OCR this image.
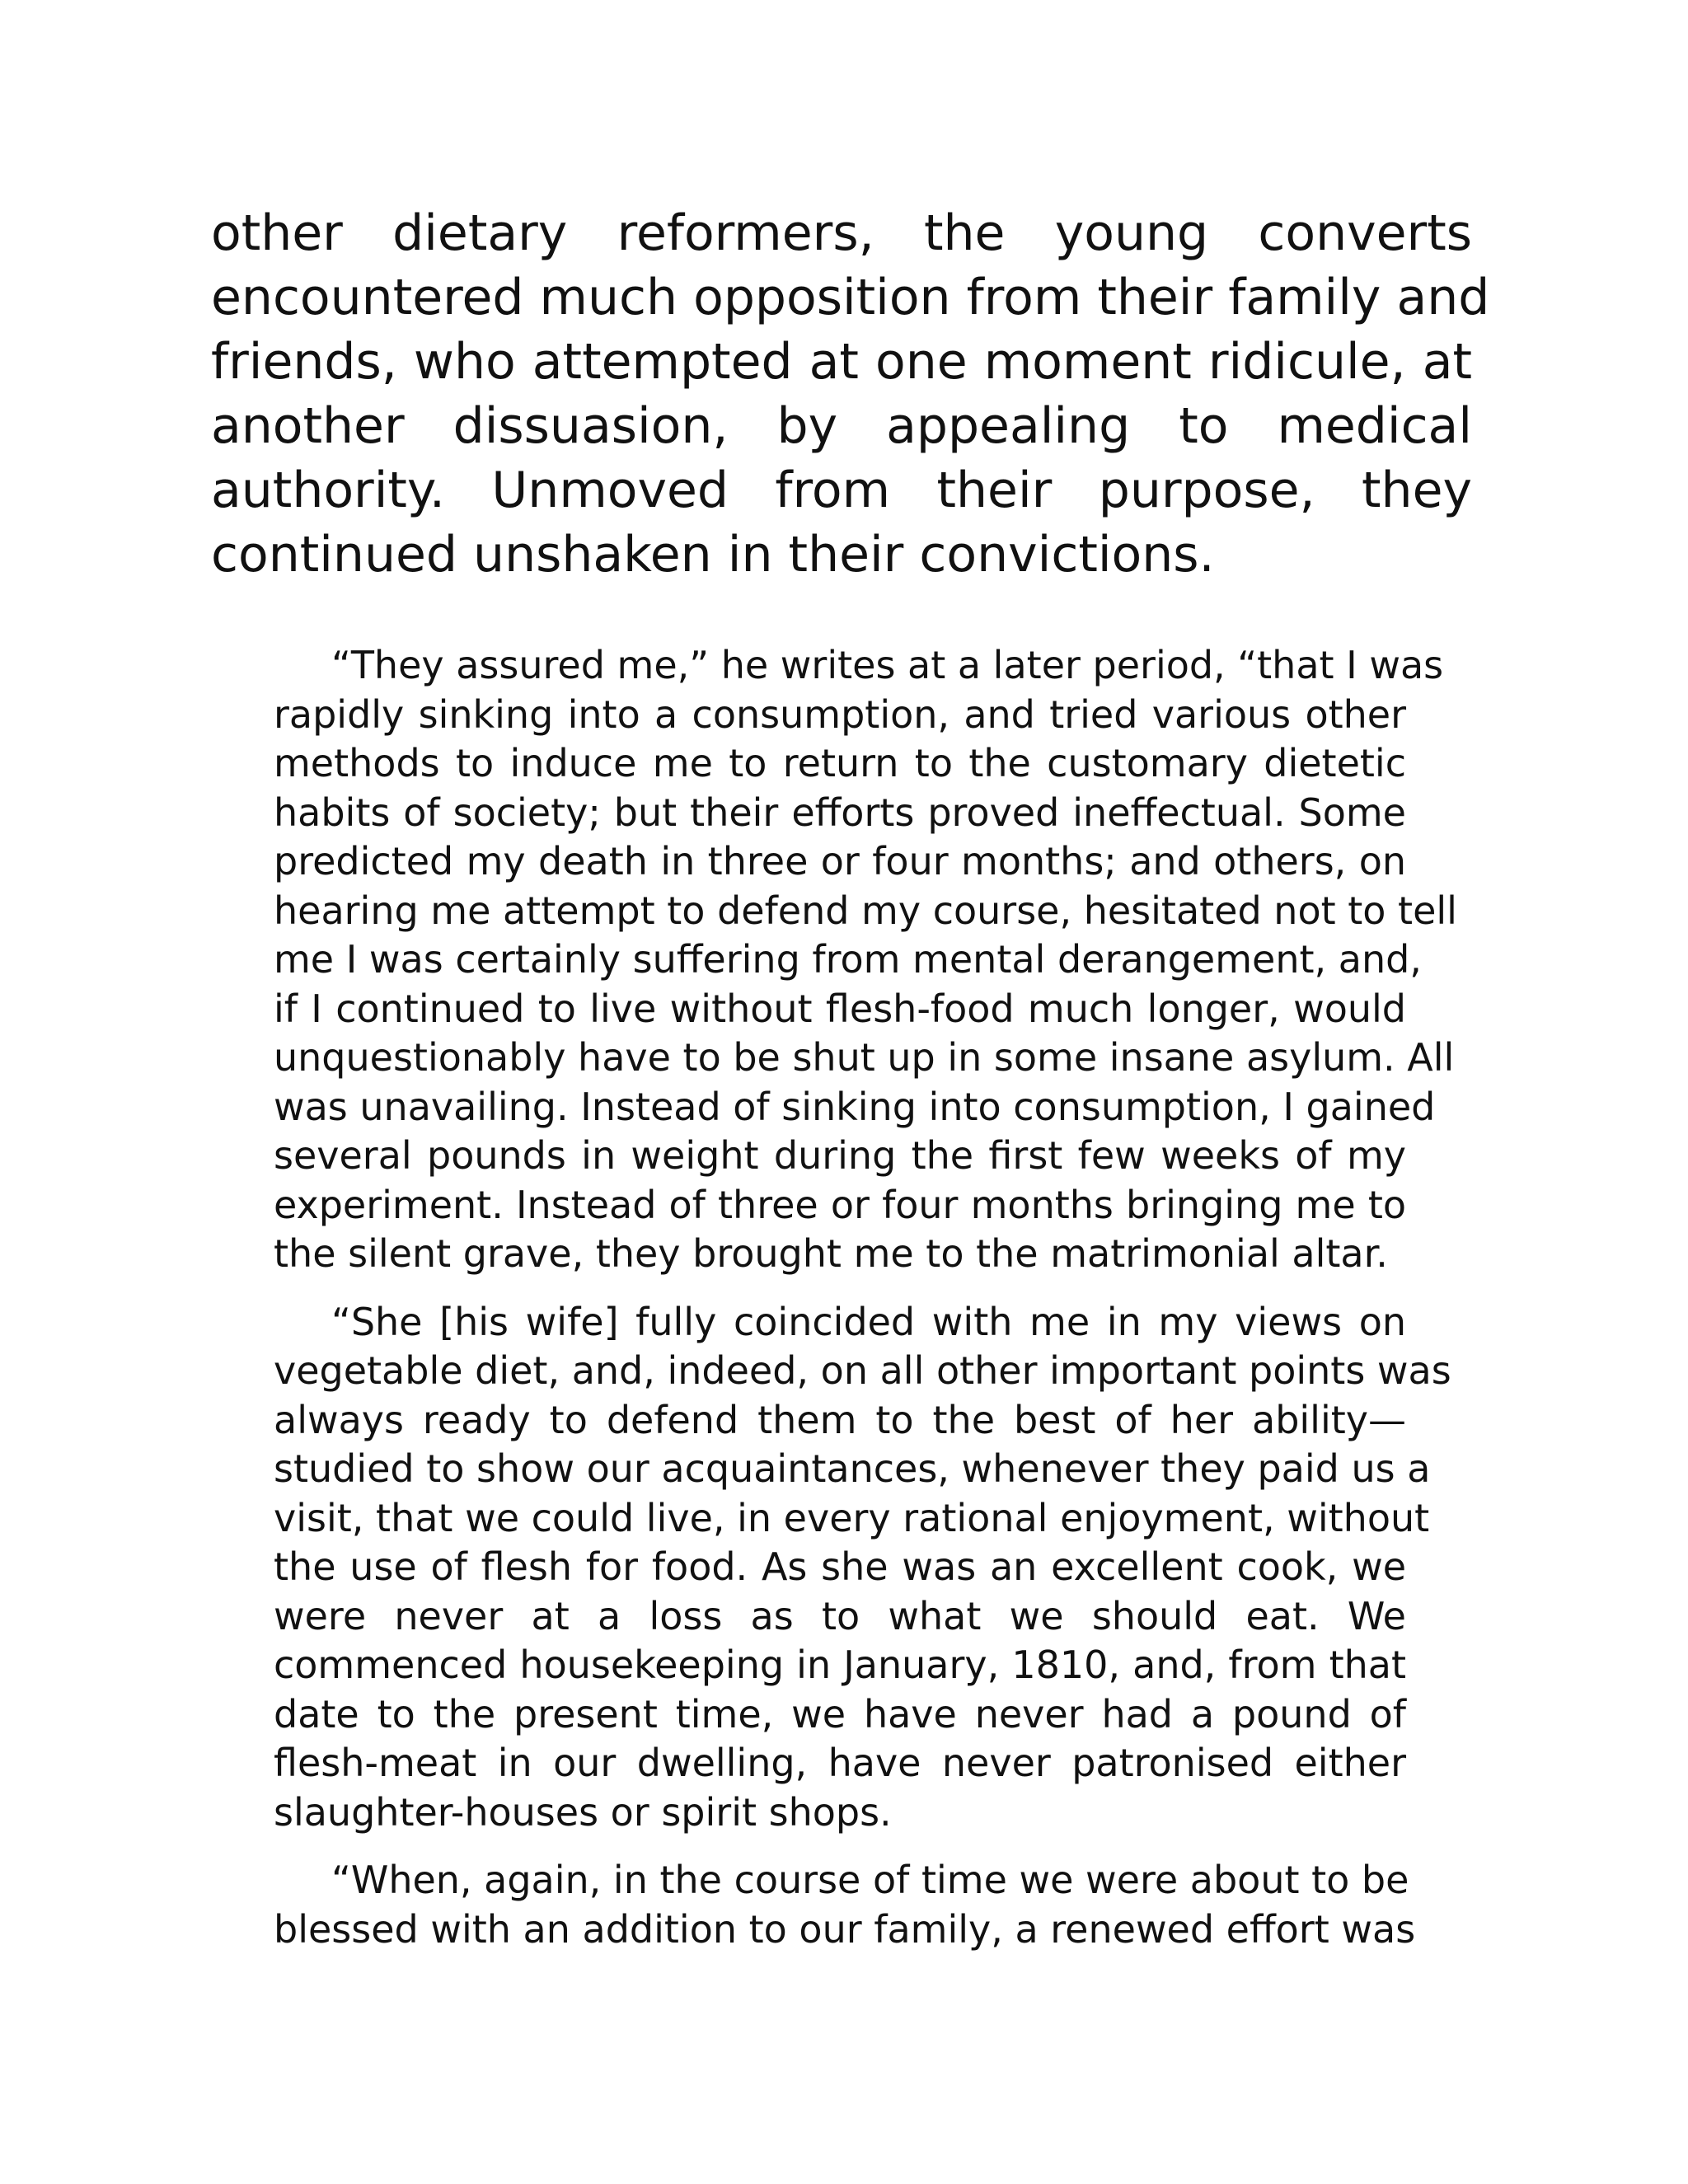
other dietary reformers, the young converts
encountered much opposition from their family and
friends, who attempted at one moment ridicule, at
another dissuasion, by appealing to medical
authority. Unmoved from their purpose, they
continued unshaken in their convictions.

“They assured me,” he writes at a later period, “that I was
rapidly sinking into a consumption, and tried various other
methods to induce me to return to the customary dietetic
habits of society; but their efforts proved ineffectual. Some
predicted my death in three or four months; and others, on
hearing me attempt to defend my course, hesitated not to tell
me I was certainly suffering from mental derangement, and,
if I continued to live without flesh-food much longer, would
unquestionably have to be shut up in some insane asylum. All
was unavailing. Instead of sinking into consumption, I gained
several pounds in weight during the first few weeks of my
experiment. Instead of three or four months bringing me to
the silent grave, they brought me to the matrimonial altar.

“She [his wife] fully coincided with me in my views on
vegetable diet, and, indeed, on all other important points was
always ready to defend them to the best of her ability—
studied to show our acquaintances, whenever they paid us a
visit, that we could live, in every rational enjoyment, without
the use of flesh for food. As she was an excellent cook, we
were never at a loss as to what we should eat. We
commenced housekeeping in January, 1810, and, from that
date to the present time, we have never had a pound of
flesh-meat in our dwelling, have never patronised either
slaughter-houses or spirit shops.

“When, again, in the course of time we were about to be
blessed with an addition to our family, a renewed effort was
